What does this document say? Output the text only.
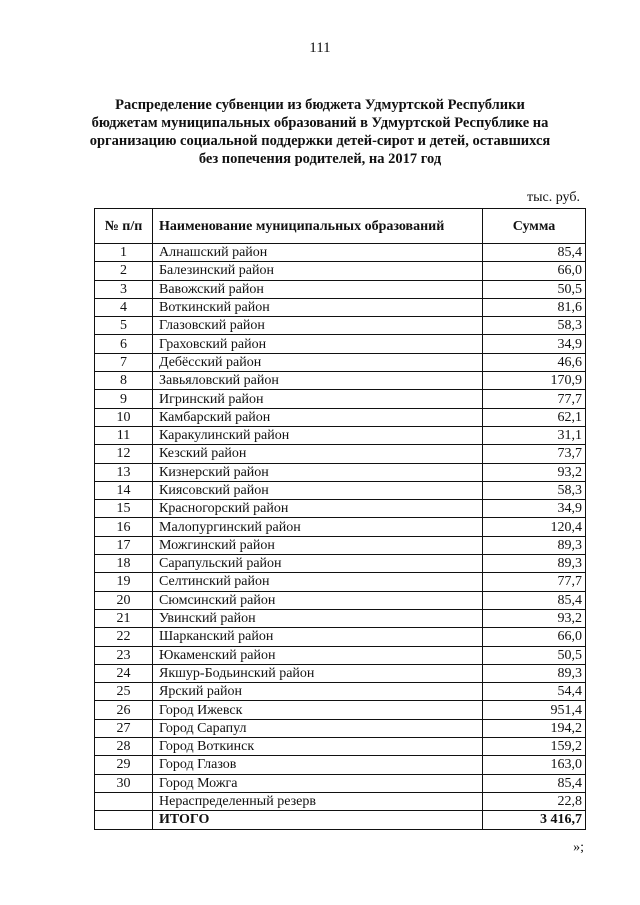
111
Распределение субвенции из бюджета Удмуртской Республики
бюджетам муниципальных образований в Удмуртской Республике на
организацию социальной поддержки детей-сирот и детей, оставшихся
без попечения родителей, на 2017 год
тыс. руб.
№ п/п	Наименование муниципальных образований	Сумма
1	Алнашский район	85,4
2	Балезинский район	66,0
3	Вавожский район	50,5
4	Воткинский район	81,6
5	Глазовский район	58,3
6	Граховский район	34,9
7	Дебёсский район	46,6
8	Завьяловский район	170,9
9	Игринский район	77,7
10	Камбарский район	62,1
11	Каракулинский район	31,1
12	Кезский район	73,7
13	Кизнерский район	93,2
14	Киясовский район	58,3
15	Красногорский район	34,9
16	Малопургинский район	120,4
17	Можгинский район	89,3
18	Сарапульский район	89,3
19	Селтинский район	77,7
20	Сюмсинский район	85,4
21	Увинский район	93,2
22	Шарканский район	66,0
23	Юкаменский район	50,5
24	Якшур-Бодьинский район	89,3
25	Ярский район	54,4
26	Город Ижевск	951,4
27	Город Сарапул	194,2
28	Город Воткинск	159,2
29	Город Глазов	163,0
30	Город Можга	85,4
	Нераспределенный резерв	22,8
	ИТОГО	3 416,7
»;
